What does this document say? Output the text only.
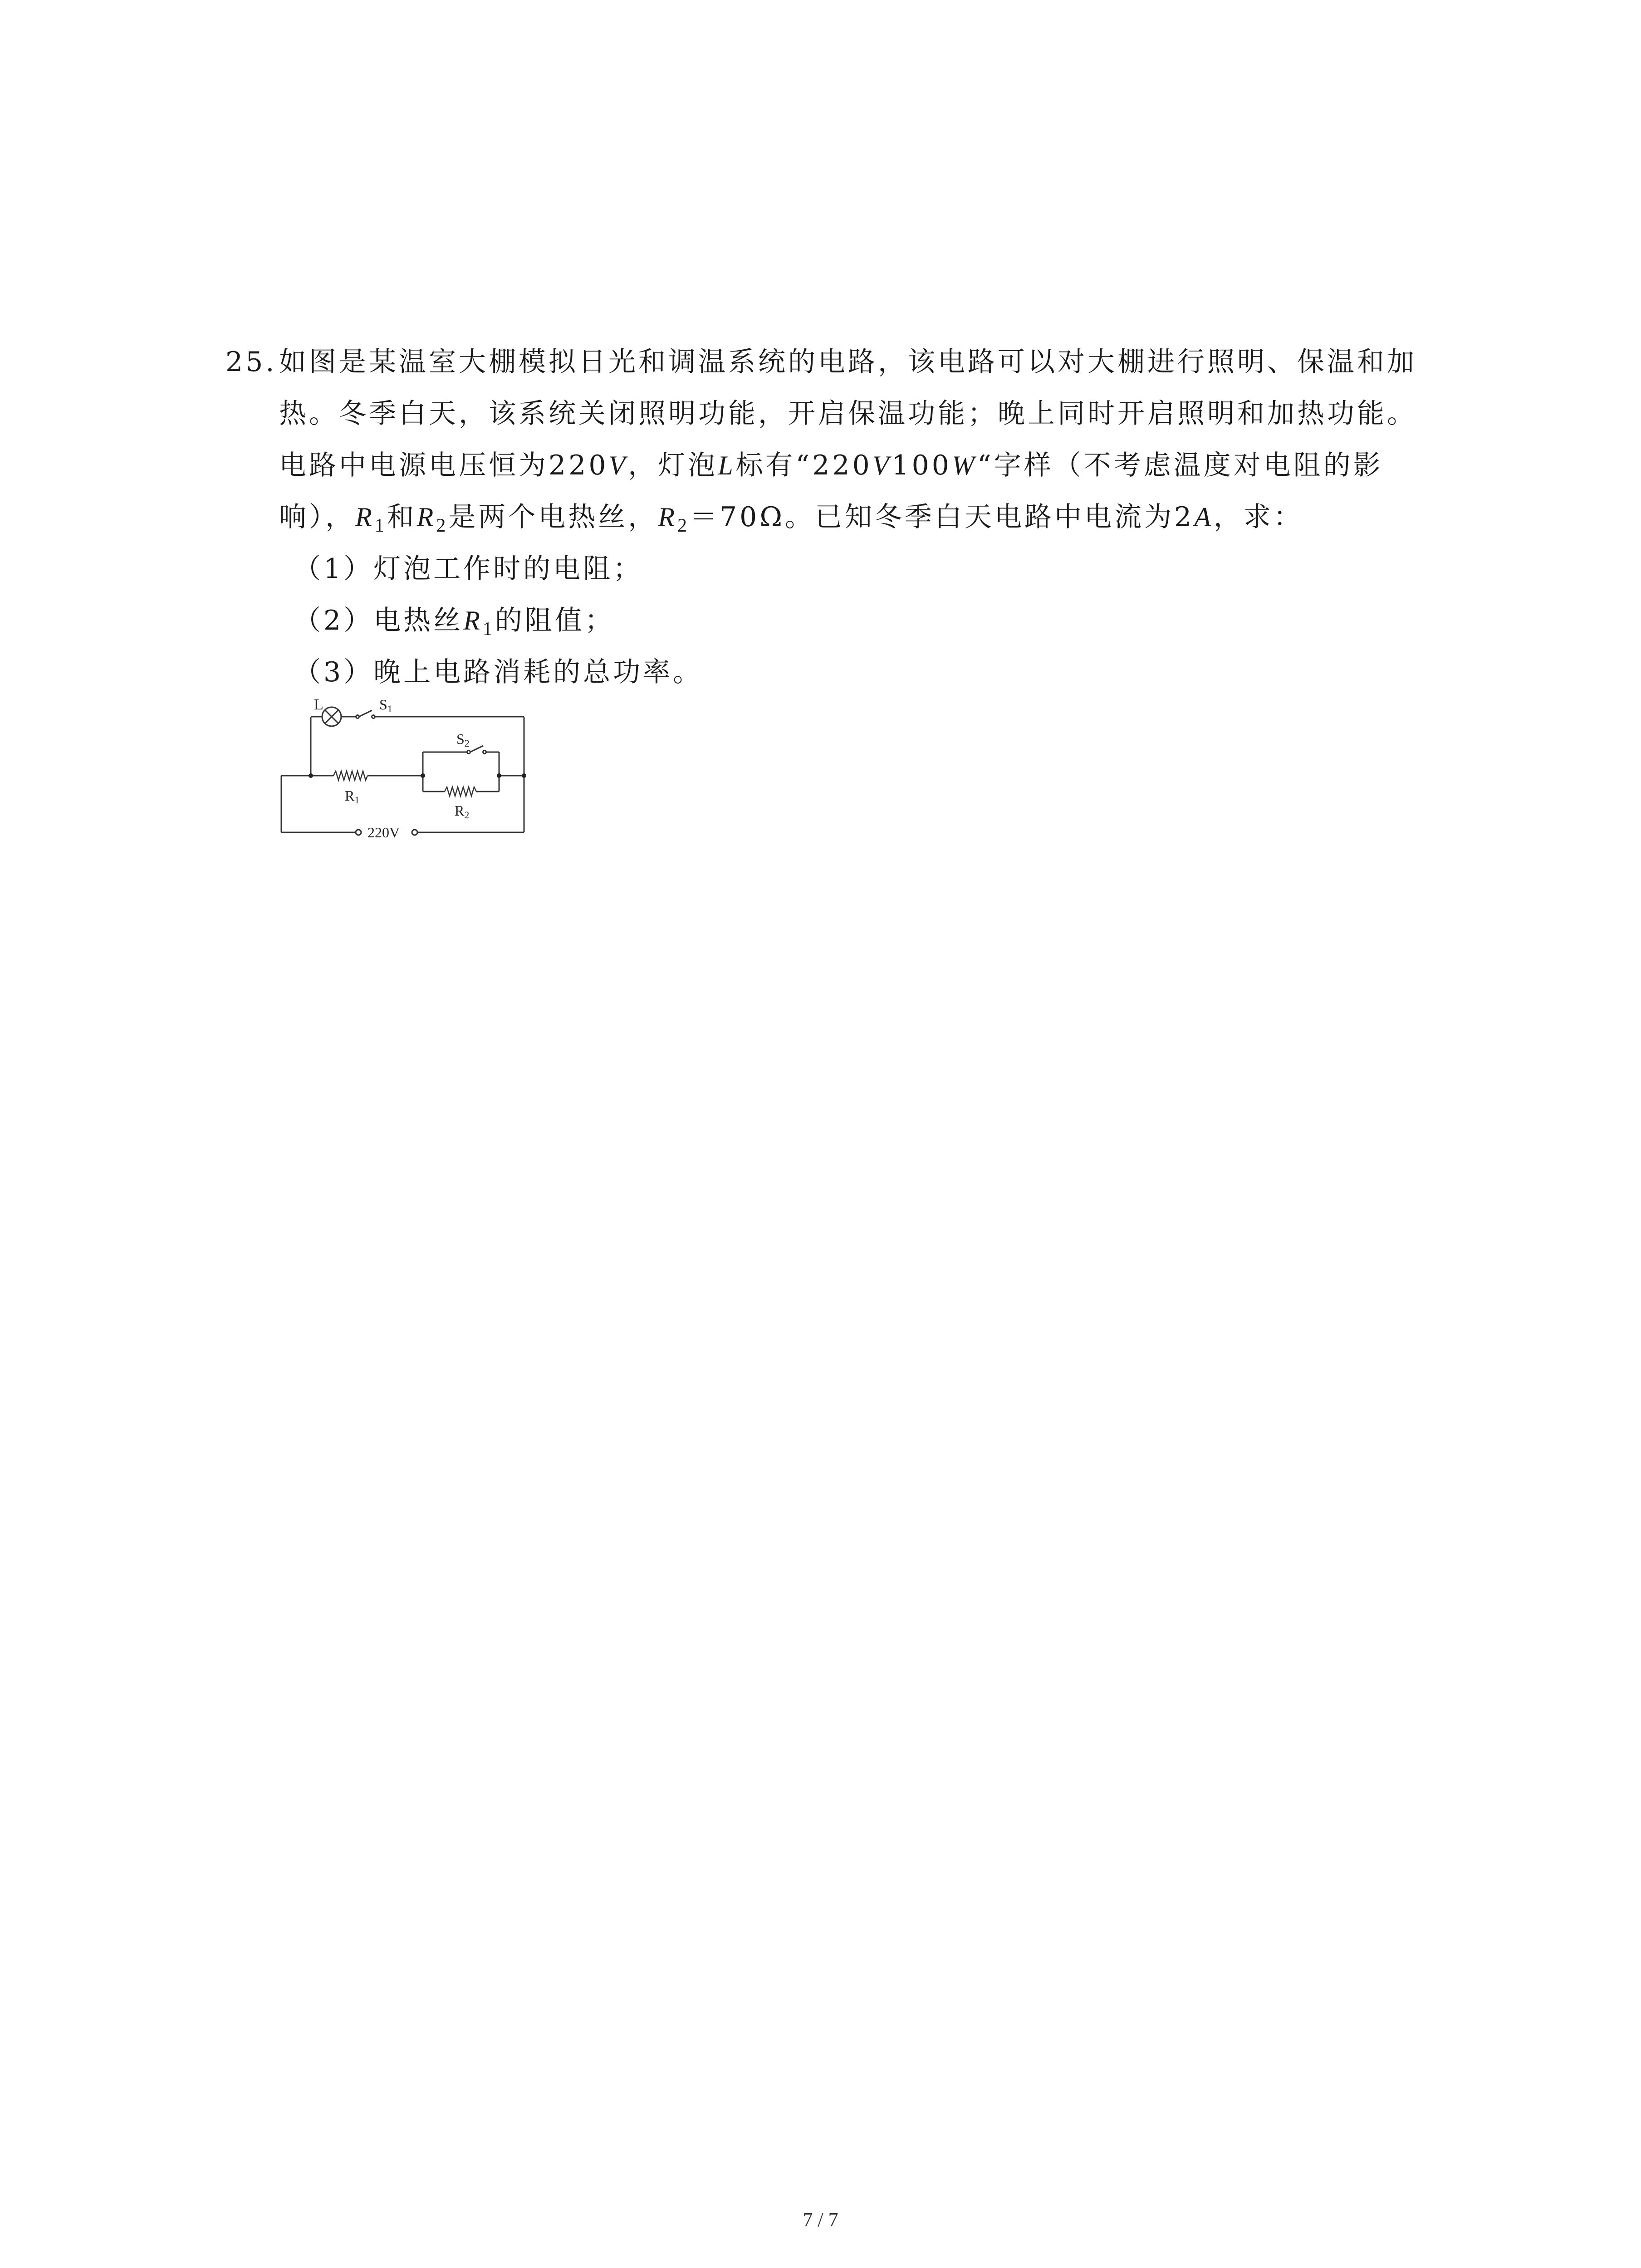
25.如图是某温室大棚模拟日光和调温系统的电路，该电路可以对大棚进行照明、保温和加
热。冬季白天，该系统关闭照明功能，开启保温功能；晚上同时开启照明和加热功能。
电路中电源电压恒为220V，灯泡L标有“220V100W“字样（不考虑温度对电阻的影
响），$R_1$和$R_2$是两个电热丝，$R_2=70\Omega$。已知冬季白天电路中电流为2A，求：
（1）灯泡工作时的电阻；
（2）电热丝$R_1$的阻值；
（3）晚上电路消耗的总功率。
L	S1
S2
R1
R2
220V
7 / 7
